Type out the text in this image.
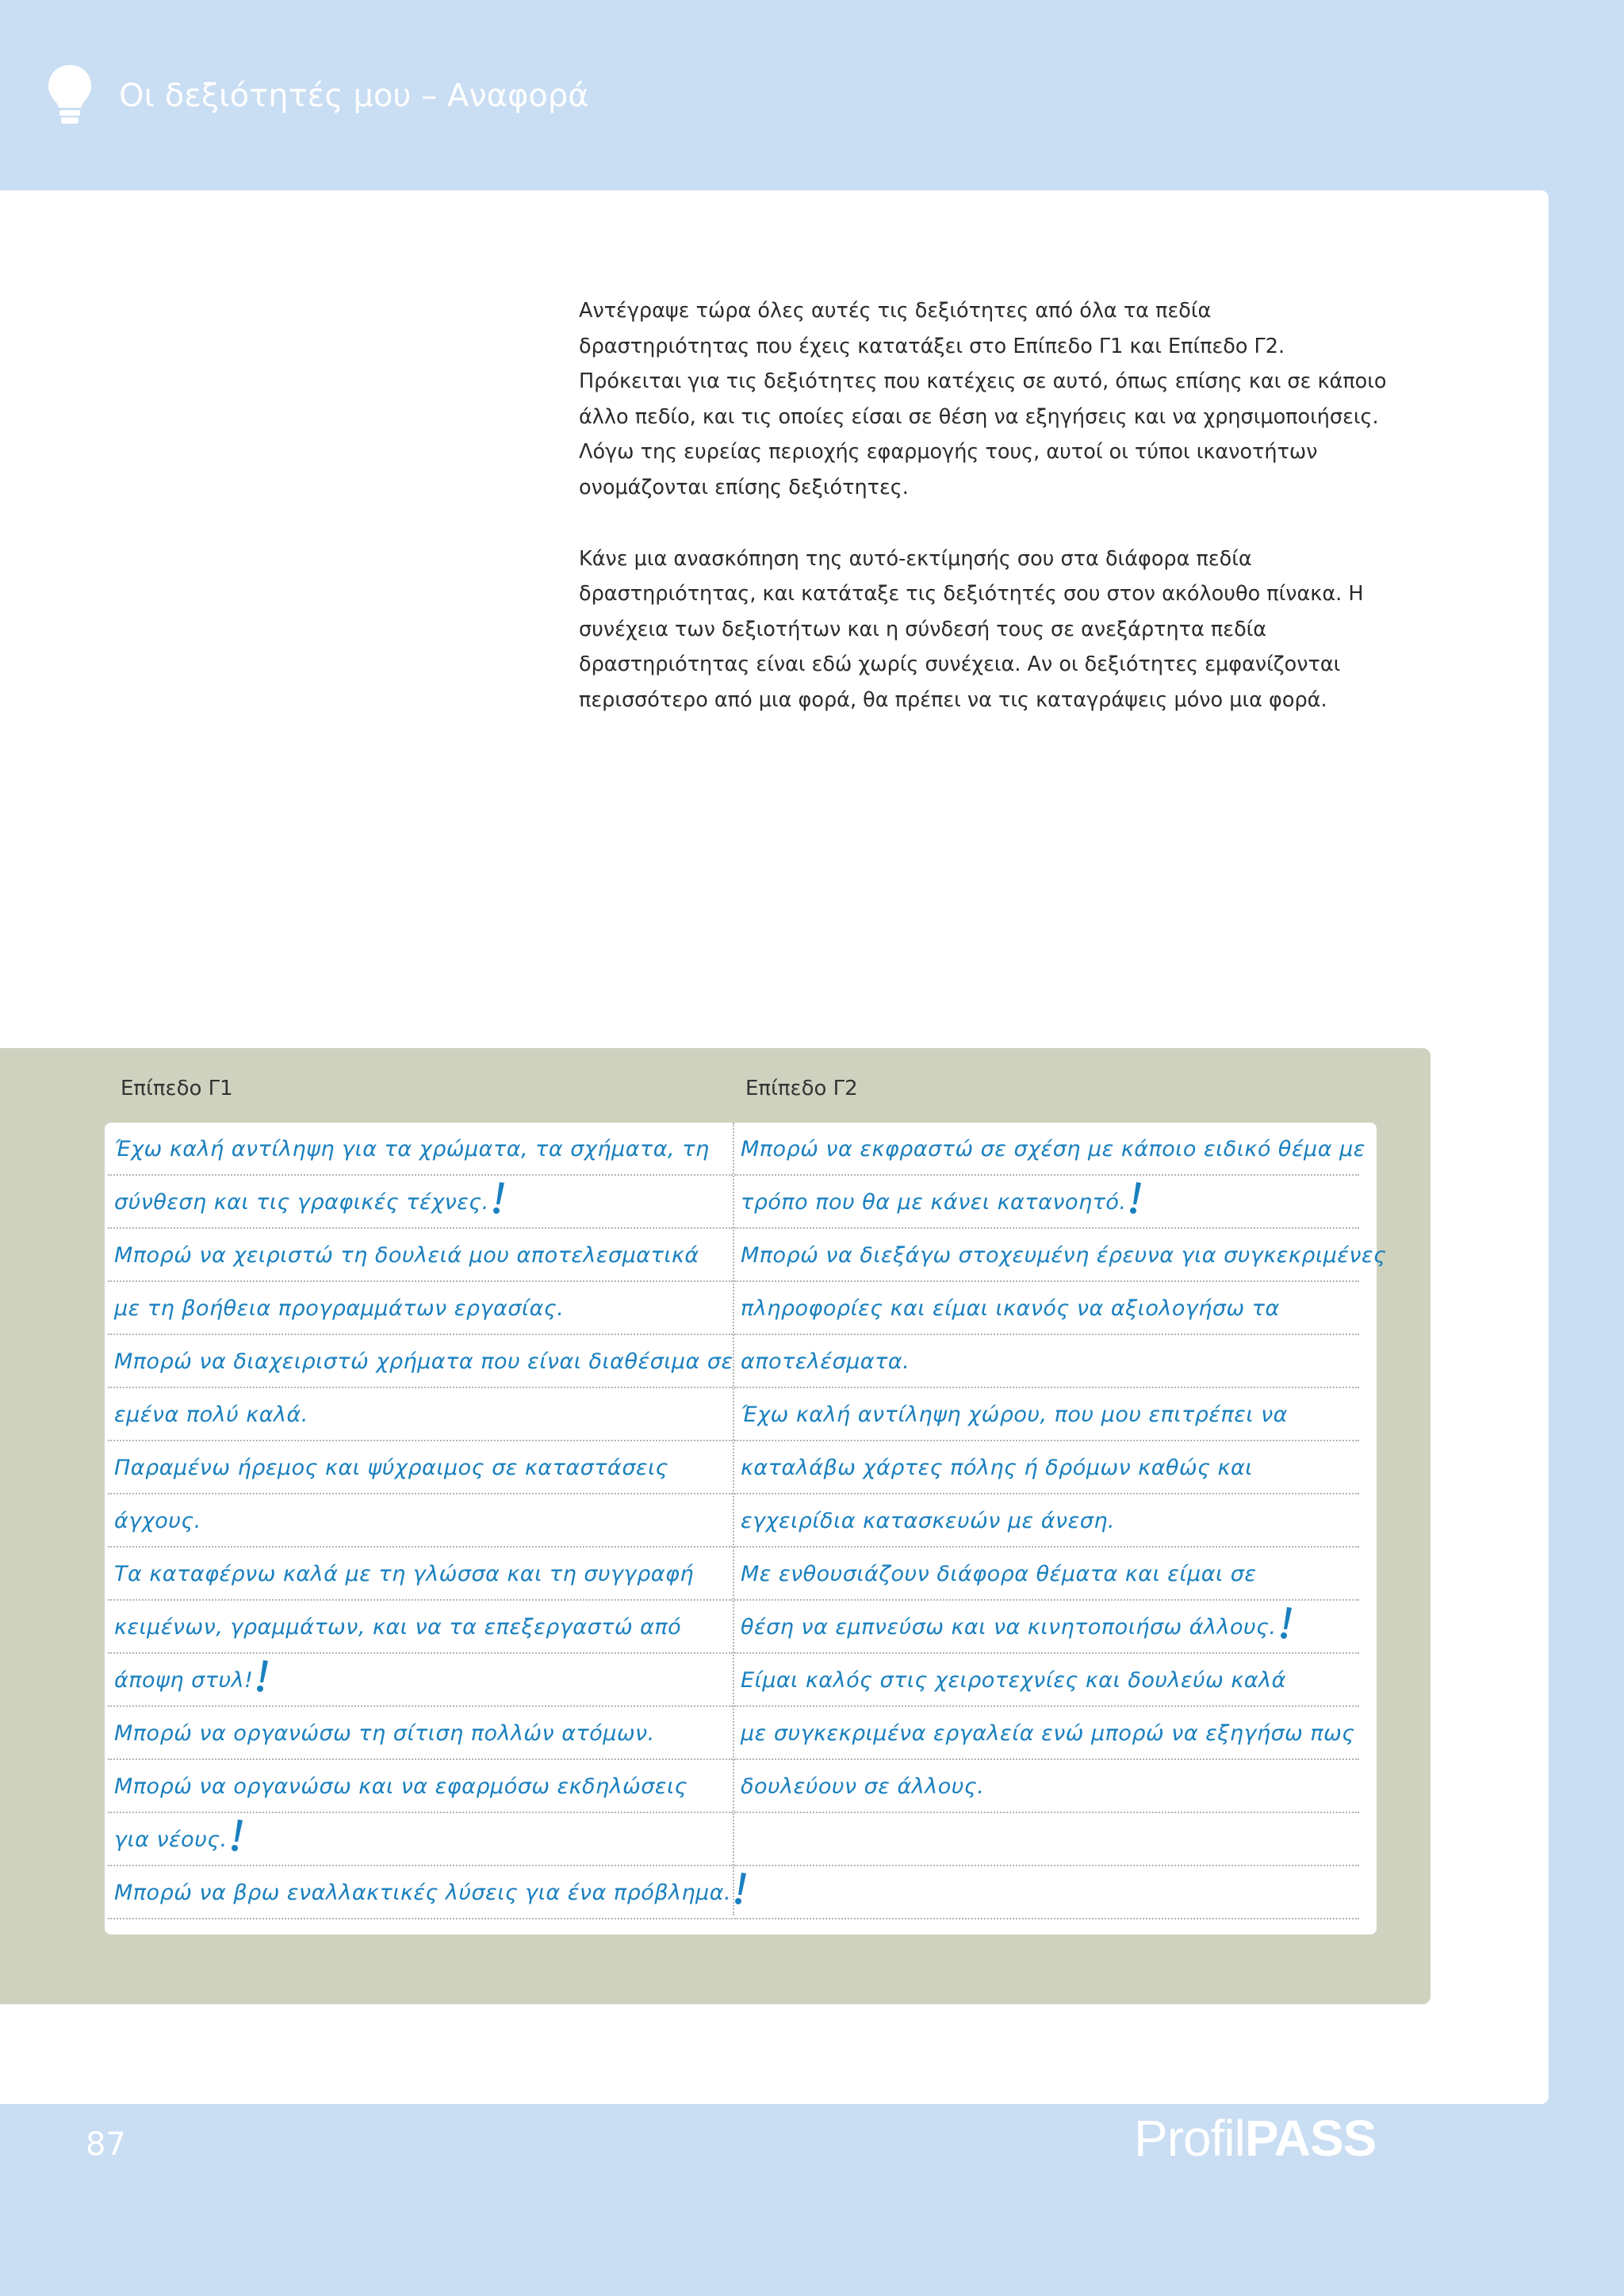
Οι δεξιότητές μου – Αναφορά

Αντέγραψε τώρα όλες αυτές τις δεξιότητες από όλα τα πεδία δραστηριότητας που έχεις κατατάξει στο Επίπεδο Γ1 και Επίπεδο Γ2. Πρόκειται για τις δεξιότητες που κατέχεις σε αυτό, όπως επίσης και σε κάποιο άλλο πεδίο, και τις οποίες είσαι σε θέση να εξηγήσεις και να χρησιμοποιήσεις. Λόγω της ευρείας περιοχής εφαρμογής τους, αυτοί οι τύποι ικανοτήτων ονομάζονται επίσης δεξιότητες.

Κάνε μια ανασκόπηση της αυτό-εκτίμησής σου στα διάφορα πεδία δραστηριότητας, και κατάταξε τις δεξιότητές σου στον ακόλουθο πίνακα. Η συνέχεια των δεξιοτήτων και η σύνδεσή τους σε ανεξάρτητα πεδία δραστηριότητας είναι εδώ χωρίς συνέχεια. Αν οι δεξιότητες εμφανίζονται περισσότερο από μια φορά, θα πρέπει να τις καταγράψεις μόνο μια φορά.

Επίπεδο Γ1	Επίπεδο Γ2
Έχω καλή αντίληψη για τα χρώματα, τα σχήματα, τη
σύνθεση και τις γραφικές τέχνες.
Μπορώ να χειριστώ τη δουλειά μου αποτελεσματικά
με τη βοήθεια προγραμμάτων εργασίας.
Μπορώ να διαχειριστώ χρήματα που είναι διαθέσιμα σε
εμένα πολύ καλά.
Παραμένω ήρεμος και ψύχραιμος σε καταστάσεις
άγχους.
Τα καταφέρνω καλά με τη γλώσσα και τη συγγραφή
κειμένων, γραμμάτων, και να τα επεξεργαστώ από
άποψη στυλ!
Μπορώ να οργανώσω τη σίτιση πολλών ατόμων.
Μπορώ να οργανώσω και να εφαρμόσω εκδηλώσεις
για νέους.
Μπορώ να βρω εναλλακτικές λύσεις για ένα πρόβλημα.
Μπορώ να εκφραστώ σε σχέση με κάποιο ειδικό θέμα με
τρόπο που θα με κάνει κατανοητό.
Μπορώ να διεξάγω στοχευμένη έρευνα για συγκεκριμένες
πληροφορίες και είμαι ικανός να αξιολογήσω τα
αποτελέσματα.
Έχω καλή αντίληψη χώρου, που μου επιτρέπει να
καταλάβω χάρτες πόλης ή δρόμων καθώς και
εγχειρίδια κατασκευών με άνεση.
Με ενθουσιάζουν διάφορα θέματα και είμαι σε
θέση να εμπνεύσω και να κινητοποιήσω άλλους.
Είμαι καλός στις χειροτεχνίες και δουλεύω καλά
με συγκεκριμένα εργαλεία ενώ μπορώ να εξηγήσω πως
δουλεύουν σε άλλους.
87	ProfilPASS
